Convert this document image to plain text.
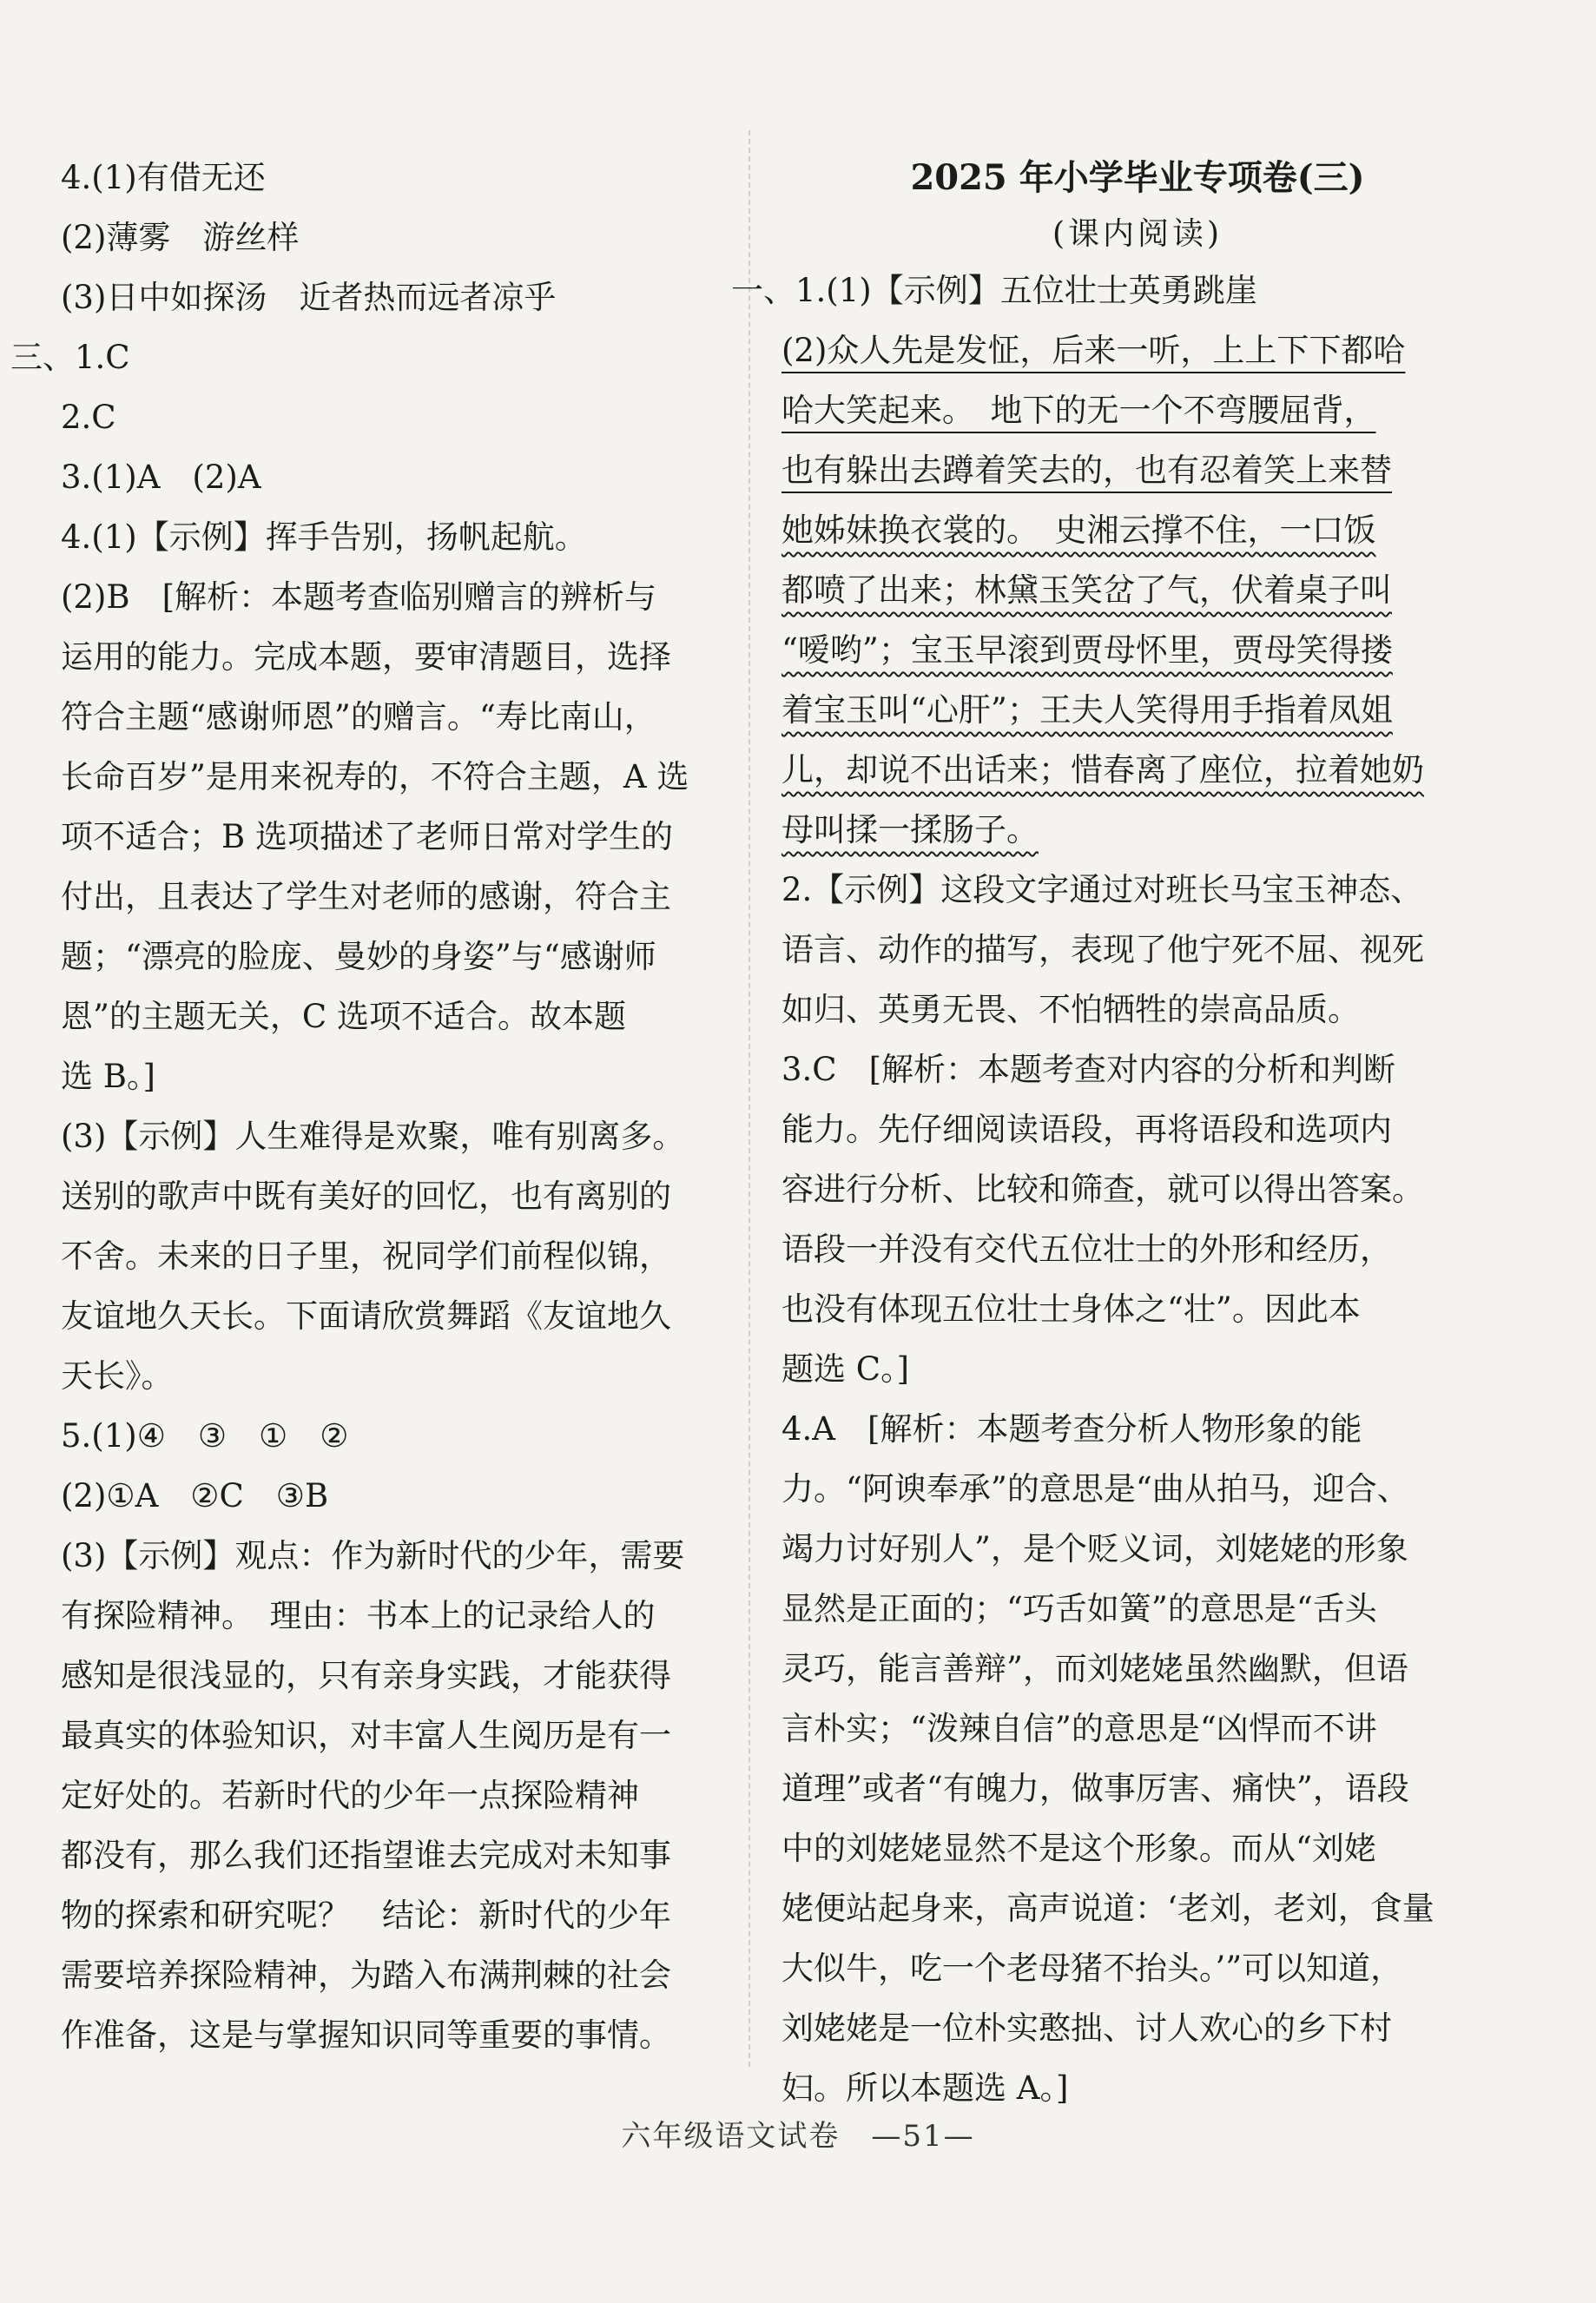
4.(1)有借无还
(2)薄雾　游丝样
(3)日中如探汤　近者热而远者凉乎
三、1.C
2.C
3.(1)A　(2)A
4.(1)【示例】挥手告别，扬帆起航。
(2)B　[解析：本题考查临别赠言的辨析与
运用的能力。完成本题，要审清题目，选择
符合主题“感谢师恩”的赠言。“寿比南山，
长命百岁”是用来祝寿的，不符合主题，A 选
项不适合；B 选项描述了老师日常对学生的
付出，且表达了学生对老师的感谢，符合主
题；“漂亮的脸庞、曼妙的身姿”与“感谢师
恩”的主题无关，C 选项不适合。故本题
选 B。]
(3)【示例】人生难得是欢聚，唯有别离多。
送别的歌声中既有美好的回忆，也有离别的
不舍。未来的日子里，祝同学们前程似锦，
友谊地久天长。下面请欣赏舞蹈《友谊地久
天长》。
5.(1)④　③　①　②
(2)①A　②C　③B
(3)【示例】观点：作为新时代的少年，需要
有探险精神。　理由：书本上的记录给人的
感知是很浅显的，只有亲身实践，才能获得
最真实的体验知识，对丰富人生阅历是有一
定好处的。若新时代的少年一点探险精神
都没有，那么我们还指望谁去完成对未知事
物的探索和研究呢？　结论：新时代的少年
需要培养探险精神，为踏入布满荆棘的社会
作准备，这是与掌握知识同等重要的事情。
2025 年小学毕业专项卷(三)
(课内阅读)
一、1.(1)【示例】五位壮士英勇跳崖
(2)众人先是发怔，后来一听，上上下下都哈
哈大笑起来。　地下的无一个不弯腰屈背，
也有躲出去蹲着笑去的，也有忍着笑上来替
她姊妹换衣裳的。　史湘云撑不住，一口饭
都喷了出来；林黛玉笑岔了气，伏着桌子叫
“嗳哟”；宝玉早滚到贾母怀里，贾母笑得搂
着宝玉叫“心肝”；王夫人笑得用手指着凤姐
儿，却说不出话来；惜春离了座位，拉着她奶
母叫揉一揉肠子。
2.【示例】这段文字通过对班长马宝玉神态、
语言、动作的描写，表现了他宁死不屈、视死
如归、英勇无畏、不怕牺牲的崇高品质。
3.C　[解析：本题考查对内容的分析和判断
能力。先仔细阅读语段，再将语段和选项内
容进行分析、比较和筛查，就可以得出答案。
语段一并没有交代五位壮士的外形和经历，
也没有体现五位壮士身体之“壮”。因此本
题选 C。]
4.A　[解析：本题考查分析人物形象的能
力。“阿谀奉承”的意思是“曲从拍马，迎合、
竭力讨好别人”，是个贬义词，刘姥姥的形象
显然是正面的；“巧舌如簧”的意思是“舌头
灵巧，能言善辩”，而刘姥姥虽然幽默，但语
言朴实；“泼辣自信”的意思是“凶悍而不讲
道理”或者“有魄力，做事厉害、痛快”，语段
中的刘姥姥显然不是这个形象。而从“刘姥
姥便站起身来，高声说道：‘老刘，老刘，食量
大似牛，吃一个老母猪不抬头。’”可以知道，
刘姥姥是一位朴实憨拙、讨人欢心的乡下村
妇。所以本题选 A。]
六年级语文试卷　—51—
